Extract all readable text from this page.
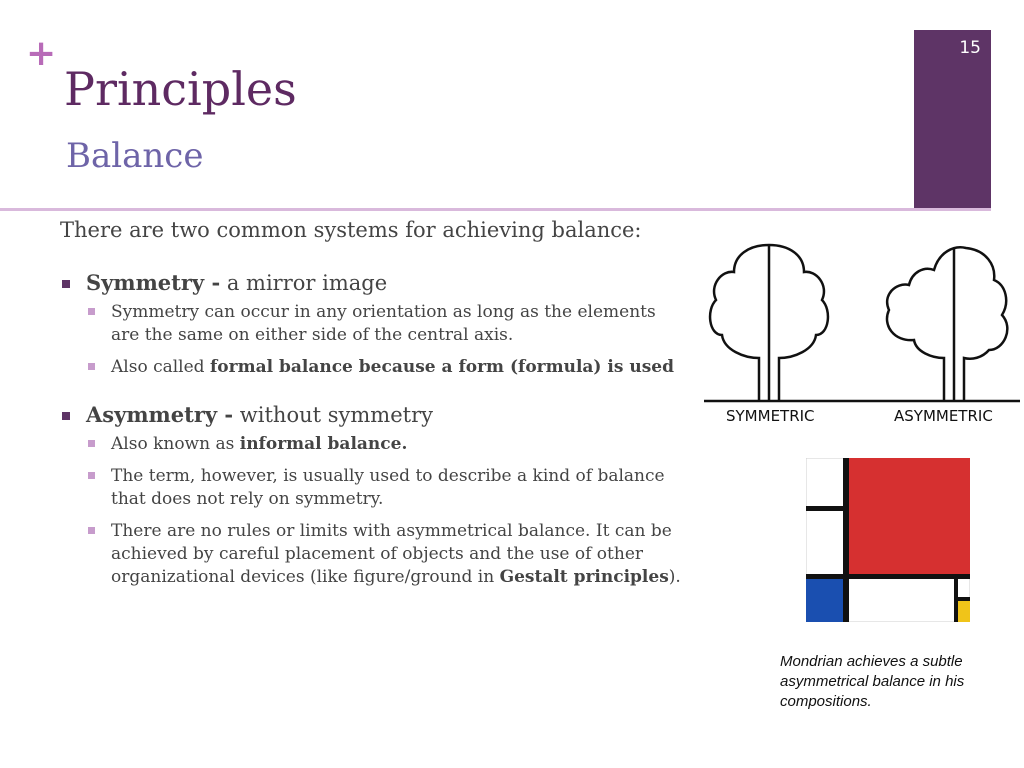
+
Principles
Balance
15
There are two common systems for achieving balance:
Symmetry - a mirror image
Symmetry can occur in any orientation as long as the elements are the same on either side of the central axis.
Also called formal balance because a form (formula) is used
Asymmetry - without symmetry
Also known as informal balance.
The term, however, is usually used to describe a kind of balance that does not rely on symmetry.
There are no rules or limits with asymmetrical balance. It can be achieved by careful placement of objects and the use of other organizational devices (like figure/ground in Gestalt principles).
SYMMETRIC	ASYMMETRIC
Mondrian achieves a subtle asymmetrical balance in his compositions.
